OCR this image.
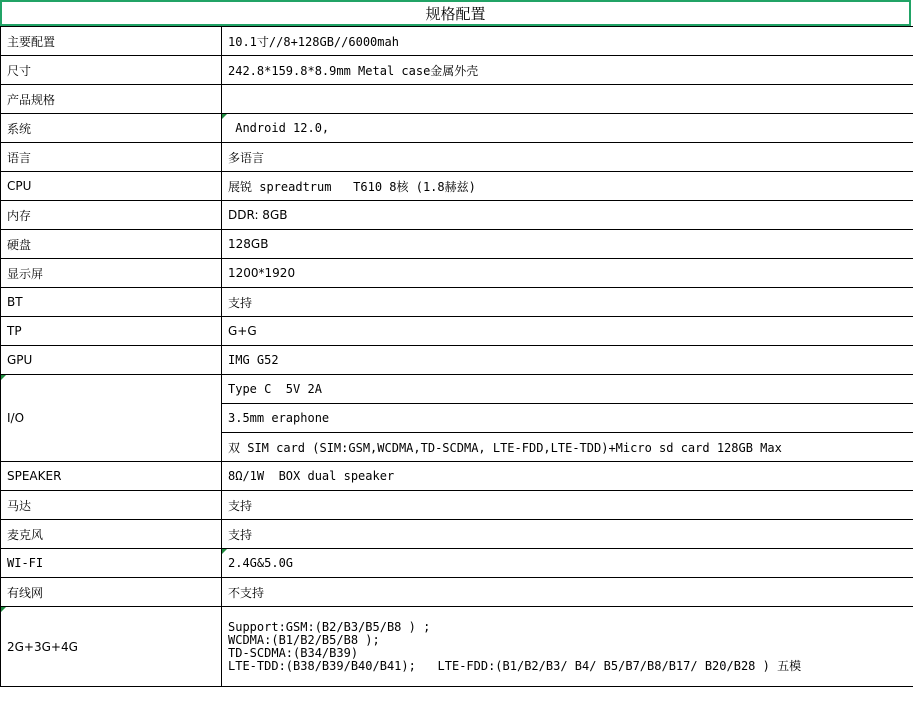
规格配置
主要配置	10.1寸//8+128GB//6000mah
尺寸	242.8*159.8*8.9mm Metal case金属外壳
产品规格	
系统	Android 12.0,
语言	多语言
CPU	展锐 spreadtrum   T610 8核 (1.8赫兹)
内存	DDR: 8GB
硬盘	128GB
显示屏	1200*1920
BT	支持
TP	G+G
GPU	IMG G52

I/O	Type C  5V 2A
	3.5mm eraphone
	双 SIM card (SIM:GSM,WCDMA,TD-SCDMA, LTE-FDD,LTE-TDD)+Micro sd card 128GB Max
SPEAKER	8Ω/1W  BOX dual speaker
马达	支持
麦克风	支持
WI-FI	2.4G&5.0G
有线网	不支持

2G+3G+4G	Support:GSM:(B2/B3/B5/B8 ) ;
WCDMA:(B1/B2/B5/B8 );
TD-SCDMA:(B34/B39)
LTE-TDD:(B38/B39/B40/B41);   LTE-FDD:(B1/B2/B3/ B4/ B5/B7/B8/B17/ B20/B28 ) 五模
